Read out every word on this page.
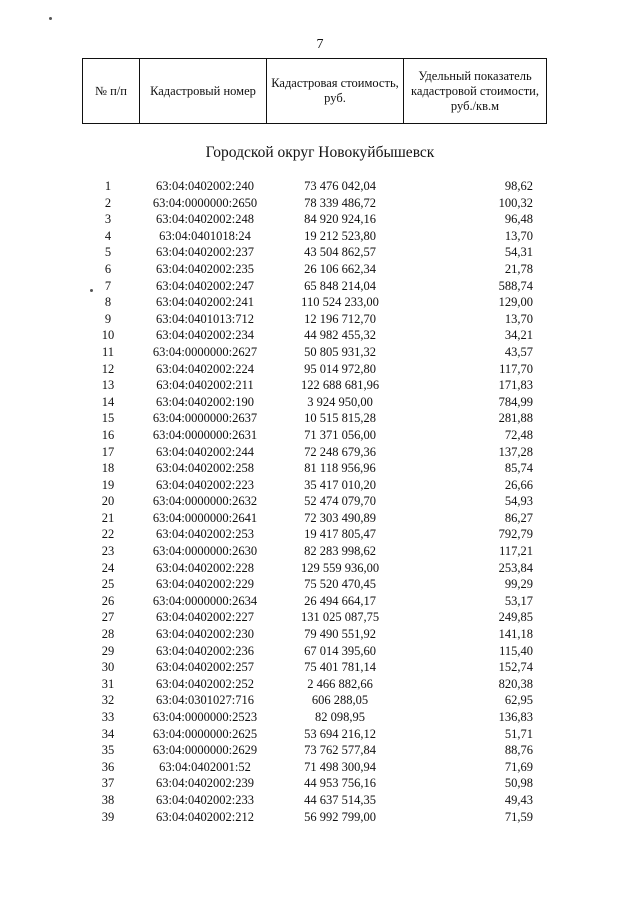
7
№ п/п	Кадастровый номер	Кадастровая стоимость, руб.	Удельный показатель кадастровой стоимости, руб./кв.м
Городской округ Новокуйбышевск
1	63:04:0402002:240	73 476 042,04	98,62
2	63:04:0000000:2650	78 339 486,72	100,32
3	63:04:0402002:248	84 920 924,16	96,48
4	63:04:0401018:24	19 212 523,80	13,70
5	63:04:0402002:237	43 504 862,57	54,31
6	63:04:0402002:235	26 106 662,34	21,78
7	63:04:0402002:247	65 848 214,04	588,74
8	63:04:0402002:241	110 524 233,00	129,00
9	63:04:0401013:712	12 196 712,70	13,70
10	63:04:0402002:234	44 982 455,32	34,21
11	63:04:0000000:2627	50 805 931,32	43,57
12	63:04:0402002:224	95 014 972,80	117,70
13	63:04:0402002:211	122 688 681,96	171,83
14	63:04:0402002:190	3 924 950,00	784,99
15	63:04:0000000:2637	10 515 815,28	281,88
16	63:04:0000000:2631	71 371 056,00	72,48
17	63:04:0402002:244	72 248 679,36	137,28
18	63:04:0402002:258	81 118 956,96	85,74
19	63:04:0402002:223	35 417 010,20	26,66
20	63:04:0000000:2632	52 474 079,70	54,93
21	63:04:0000000:2641	72 303 490,89	86,27
22	63:04:0402002:253	19 417 805,47	792,79
23	63:04:0000000:2630	82 283 998,62	117,21
24	63:04:0402002:228	129 559 936,00	253,84
25	63:04:0402002:229	75 520 470,45	99,29
26	63:04:0000000:2634	26 494 664,17	53,17
27	63:04:0402002:227	131 025 087,75	249,85
28	63:04:0402002:230	79 490 551,92	141,18
29	63:04:0402002:236	67 014 395,60	115,40
30	63:04:0402002:257	75 401 781,14	152,74
31	63:04:0402002:252	2 466 882,66	820,38
32	63:04:0301027:716	606 288,05	62,95
33	63:04:0000000:2523	82 098,95	136,83
34	63:04:0000000:2625	53 694 216,12	51,71
35	63:04:0000000:2629	73 762 577,84	88,76
36	63:04:0402001:52	71 498 300,94	71,69
37	63:04:0402002:239	44 953 756,16	50,98
38	63:04:0402002:233	44 637 514,35	49,43
39	63:04:0402002:212	56 992 799,00	71,59
